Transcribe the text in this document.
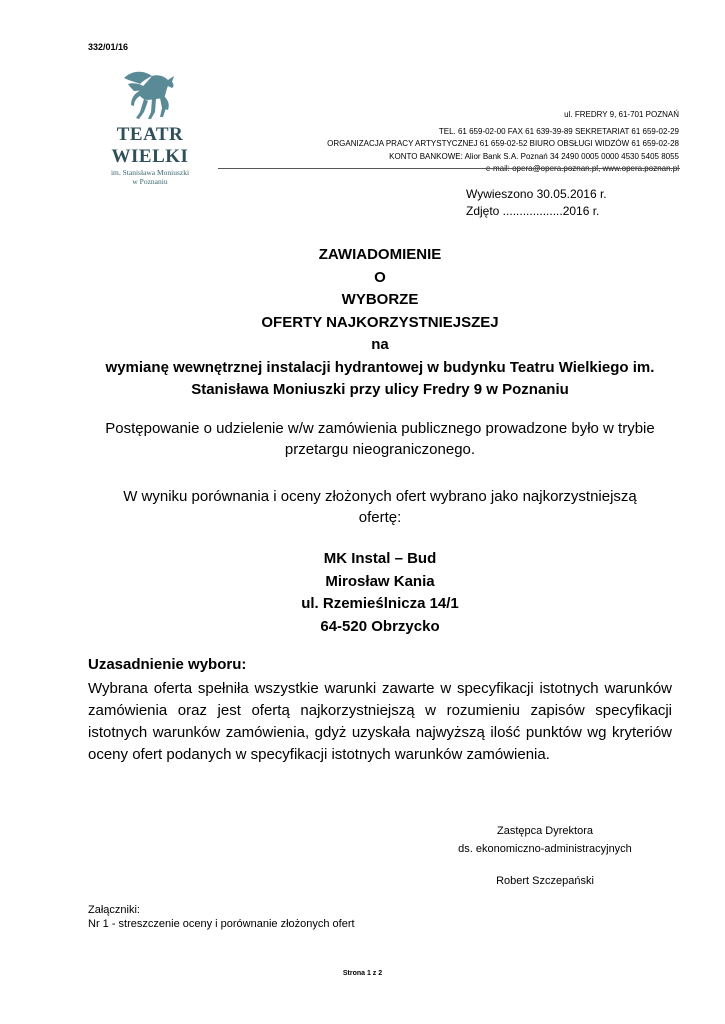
332/01/16
TEATR WIELKI
im. Stanisława Moniuszki
w Poznaniu
ul. FREDRY 9, 61-701 POZNAŃ
TEL. 61 659-02-00 FAX 61 639-39-89 SEKRETARIAT 61 659-02-29
ORGANIZACJA PRACY ARTYSTYCZNEJ 61 659-02-52 BIURO OBSŁUGI WIDZÓW 61 659-02-28
KONTO BANKOWE: Alior Bank S.A. Poznań 34 2490 0005 0000 4530 5405 8055
e-mail: opera@opera.poznan.pl, www.opera.poznan.pl
Wywieszono 30.05.2016 r.
Zdjęto ..................2016 r.
ZAWIADOMIENIE
O
WYBORZE
OFERTY NAJKORZYSTNIEJSZEJ
na
wymianę wewnętrznej instalacji hydrantowej w budynku Teatru Wielkiego im.
Stanisława Moniuszki przy ulicy Fredry 9 w Poznaniu
Postępowanie o udzielenie w/w zamówienia publicznego prowadzone było w trybie
przetargu nieograniczonego.
W wyniku porównania i oceny złożonych ofert wybrano jako najkorzystniejszą
ofertę:
MK Instal – Bud
Mirosław Kania
ul. Rzemieślnicza 14/1
64-520 Obrzycko
Uzasadnienie wyboru:
Wybrana oferta spełniła wszystkie warunki zawarte w specyfikacji istotnych warunków zamówienia oraz jest ofertą najkorzystniejszą w rozumieniu zapisów specyfikacji istotnych warunków zamówienia, gdyż uzyskała najwyższą ilość punktów wg kryteriów oceny ofert podanych w specyfikacji istotnych warunków zamówienia.
Zastępca Dyrektora
ds. ekonomiczno-administracyjnych
Robert Szczepański
Załączniki:
Nr 1 - streszczenie oceny i porównanie złożonych ofert
Strona 1 z 2
